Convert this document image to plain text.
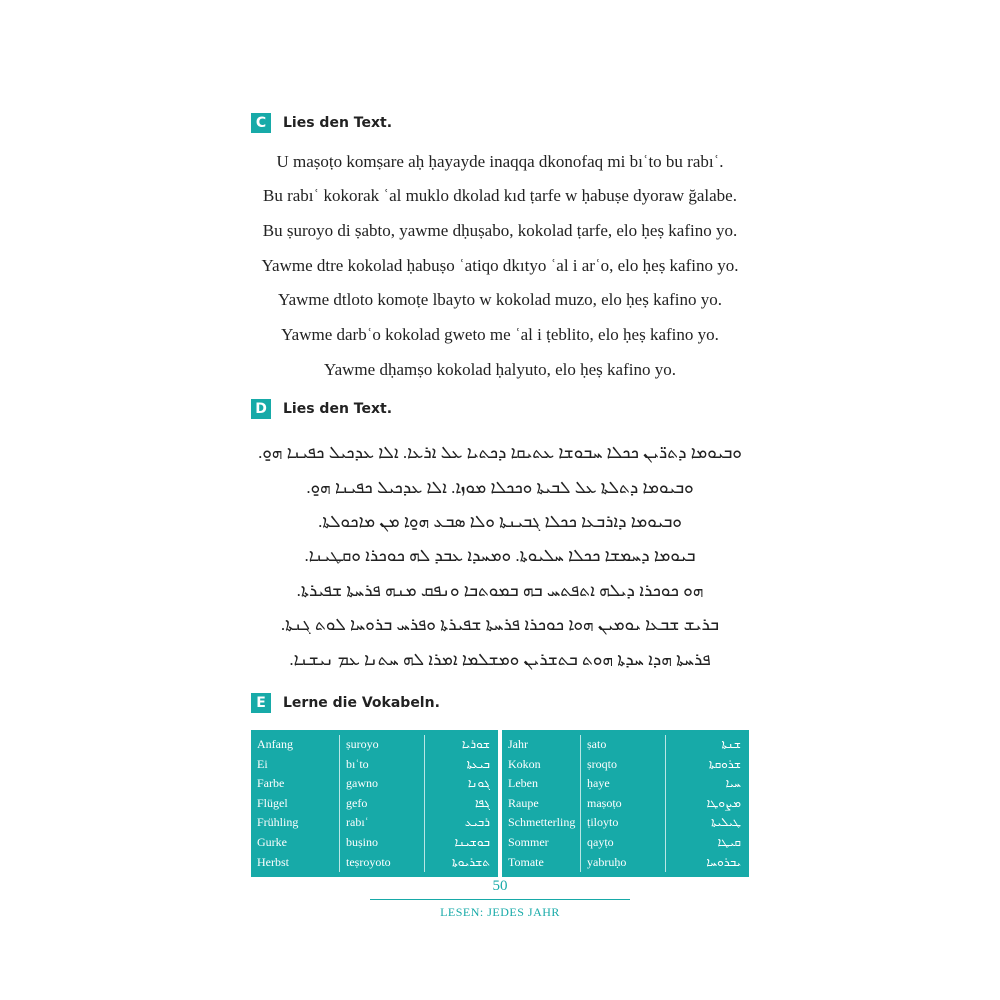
C	Lies den Text.
U maṣoṭo komṣare aḥ ḥayayde inaqqa dkonofaq mi bıʿto bu rabıʿ.
Bu rabıʿ kokorak ʿal muklo dkolad kıd ṭarfe w ḥabuṣe dyoraw ğalabe.
Bu ṣuroyo di ṣabto, yawme dḥuṣabo, kokolad ṭarfe, elo ḥeṣ kafino yo.
Yawme dtre kokolad ḥabuṣo ʿatiqo dkıtyo ʿal i arʿo, elo ḥeṣ kafino yo.
Yawme dtloto komoṭe lbayto w kokolad muzo, elo ḥeṣ kafino yo.
Yawme darbʿo kokolad gweto me ʿal i ṭeblito, elo ḥeṣ kafino yo.
Yawme dḥamṣo kokolad ḥalyuto, elo ḥeṣ kafino yo.
D Lies den Text.
ܘܒܝܘܡܐ ܕܬܪ̈ܝܢ ܟܟܠܐ ܚܒܘܫܐ ܥܬܝܩܐ ܕܟܬܝܐ ܥܠ ܐܪܥܐ. ܐܠܐ ܥܕܟܝܠ ܟܦܝܢܐ ܗ̱ܘ.
ܘܒܝܘܡܐ ܕܬܠܬܐ ܥܠ ܠܒܝܬܐ ܘܟܟܠܐ ܡܘܙܐ. ܐܠܐ ܥܕܟܝܠ ܟܦܝܢܐ ܗ̱ܘ.
ܘܒܝܘܡܐ ܕܐܪܒܥܐ ܟܟܠܐ ܓܒܝܢܬܐ ܘܠܐ ܣܒܥ ܗ̱ܘܐ ܡܢ ܡܐܟܘܠܬܐ.
ܒܝܘܡܐ ܕܚܡܫܐ ܟܟܠܐ ܚܠܝܘܬܐ. ܘܡܚܕܐ ܥܒܕ ܠܗ ܟܘܟܪܐ ܘܩܛܝܢܐ.
ܗܘ ܟܘܟܪܐ ܕܝܠܗ ܐܬܦܬܚ ܒܗ ܒܡܘܬܒܐ ܘܢܦܩ ܡܢܗ ܦܪܚܬܐ ܫܦܝܪܬܐ.
ܒܪܝܫ ܫܒܥܐ ܝܘܡܝܢ ܗܘܐ ܟܘܟܪܐ ܦܪܚܬܐ ܫܦܝܪܬܐ ܘܦܪܚ ܒܪܘܚܐ ܠܘܬ ܓܢܬܐ.
ܦܪܚܬܐ ܗܕܐ ܚܕܬܐ ܗܘܬ ܒܬܫܪܝܢ ܘܡܫܠܡܐ ܐܡܪܐ ܠܗ ܚܬܢܐ ܥܡ ܢܝܫܢܐ.
E	Lerne die Vokabeln.
Anfang	ṣuroyo	ܫܘܪܝܐ
Ei	bıʿto	ܒܝܥܬܐ
Farbe	gawno	ܓܘܢܐ
Flügel	gefo	ܓܦܐ
Frühling	rabıʿ	ܪܒܝܥ
Gurke	buṣino	ܒܘܫܝܢܐ
Herbst	teṣroyoto	ܬܫܪܝܘܬܐ
Jahr	ṣato	ܫܢܬܐ
Kokon	ṣroqto	ܫܪܘܩܬܐ
Leben	ḥaye	ܚܝܐ
Raupe	maṣoṭo	ܡܨܘܛܐ
Schmetterling ṭiloyto	ܛܝܠܝܬܐ
Sommer	qayṭo	ܩܝܛܐ
Tomate	yabruḥo	ܝܒܪܘܚܐ
50
LESEN: JEDES JAHR
